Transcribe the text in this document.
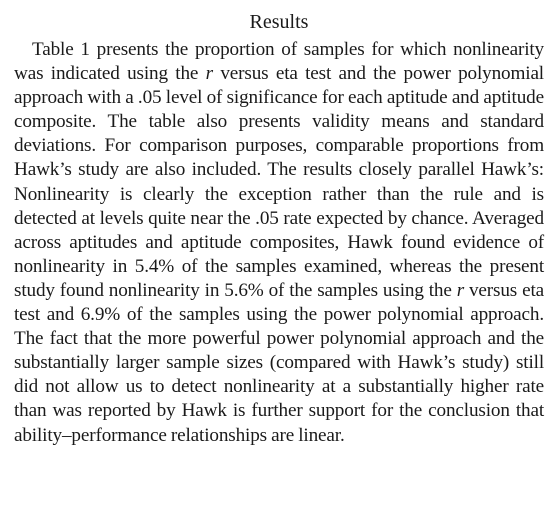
Results

Table 1 presents the proportion of samples for which nonlinearity was indicated using the r versus eta test and the power polynomial approach with a .05 level of significance for each aptitude and aptitude composite. The table also presents validity means and standard deviations. For comparison purposes, comparable proportions from Hawk’s study are also included. The results closely parallel Hawk’s: Nonlinearity is clearly the exception rather than the rule and is detected at levels quite near the .05 rate expected by chance. Averaged across aptitudes and aptitude composites, Hawk found evidence of nonlinearity in 5.4% of the samples examined, whereas the present study found nonlinearity in 5.6% of the samples using the r versus eta test and 6.9% of the samples using the power polynomial approach. The fact that the more powerful power polynomial approach and the substantially larger sample sizes (compared with Hawk’s study) still did not allow us to detect nonlinearity at a substantially higher rate than was reported by Hawk is further support for the conclusion that ability–performance relationships are linear.
